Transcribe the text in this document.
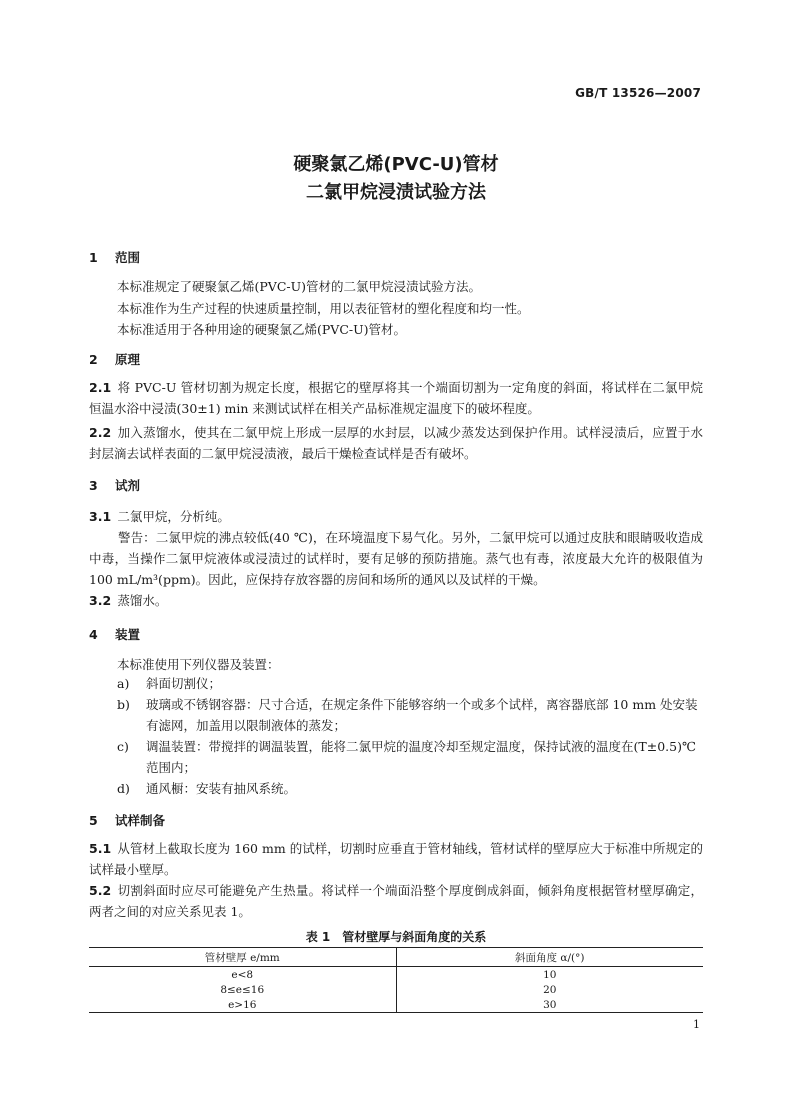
GB/T 13526—2007
硬聚氯乙烯(PVC-U)管材
二氯甲烷浸渍试验方法
1 范围
本标准规定了硬聚氯乙烯(PVC-U)管材的二氯甲烷浸渍试验方法。
本标准作为生产过程的快速质量控制，用以表征管材的塑化程度和均一性。
本标准适用于各种用途的硬聚氯乙烯(PVC-U)管材。
2 原理
2.1  将 PVC-U 管材切割为规定长度，根据它的壁厚将其一个端面切割为一定角度的斜面，将试样在二氯甲烷恒温水浴中浸渍(30±1) min 来测试试样在相关产品标准规定温度下的破坏程度。
2.2  加入蒸馏水，使其在二氯甲烷上形成一层厚的水封层，以减少蒸发达到保护作用。试样浸渍后，应置于水封层滴去试样表面的二氯甲烷浸渍液，最后干燥检查试样是否有破坏。
3 试剂
3.1  二氯甲烷，分析纯。
警告：二氯甲烷的沸点较低(40 ℃)，在环境温度下易气化。另外，二氯甲烷可以通过皮肤和眼睛吸收造成中毒，当操作二氯甲烷液体或浸渍过的试样时，要有足够的预防措施。蒸气也有毒，浓度最大允许的极限值为 100 mL/m³(ppm)。因此，应保持存放容器的房间和场所的通风以及试样的干燥。
3.2  蒸馏水。
4 装置
本标准使用下列仪器及装置：
a)	斜面切割仪；
b)	玻璃或不锈钢容器：尺寸合适，在规定条件下能够容纳一个或多个试样，离容器底部 10 mm 处安装有滤网，加盖用以限制液体的蒸发；
c)	调温装置：带搅拌的调温装置，能将二氯甲烷的温度冷却至规定温度，保持试液的温度在(T±0.5)℃范围内；
d)	通风橱：安装有抽风系统。
5 试样制备
5.1  从管材上截取长度为 160 mm 的试样，切割时应垂直于管材轴线，管材试样的壁厚应大于标准中所规定的试样最小壁厚。
5.2  切割斜面时应尽可能避免产生热量。将试样一个端面沿整个厚度倒成斜面，倾斜角度根据管材壁厚确定，两者之间的对应关系见表 1。
表 1　管材壁厚与斜面角度的关系
管材壁厚 e/mm	斜面角度 α/(°)
e<8	10
8≤e≤16	20
e>16	30
1
